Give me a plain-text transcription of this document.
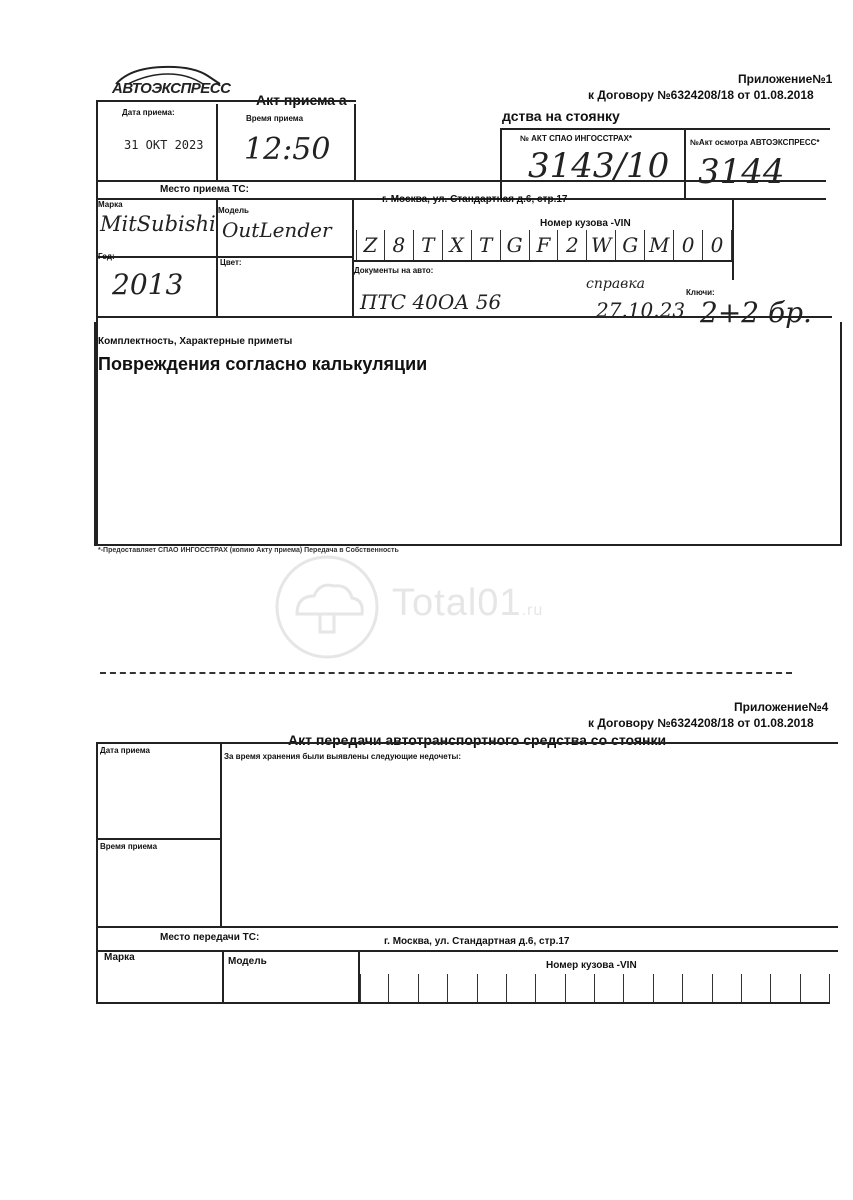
АВТОЭКСПРЕСС
Приложение№1
к Договору №6324208/18 от 01.08.2018
Акт приема а
дства на стоянку
Дата приема:
31 ОКТ 2023
Время приема
12:50	№ АКТ СПАО ИНГОССТРАХ*
3143/10
№Акт осмотра АВТОЭКСПРЕСС*
3144
Место приема ТС:
г. Москва, ул. Стандартная д.6, стр.17
Марка
MitSubishi
Модель
OutLender	Номер кузова -VIN
Z 8 T X T G F 2 W G M 0 0
Год:
2013
Цвет:
Документы на авто:
ПТС 40ОА 56
справка
27.10.23
Ключи:
2+2 бр.
Комплектность, Характерные приметы
Повреждения согласно калькуляции
*-Предоставляет СПАО ИНГОССТРАХ (копию Акту приема) Передача в Собственность
Total01.ru
Приложение№4
к Договору №6324208/18 от 01.08.2018
Акт передачи автотранспортного средства со стоянки
Дата приема
За время хранения были выявлены следующие недочеты:
Время приема
Место передачи ТС:	г. Москва, ул. Стандартная д.6, стр.17
Марка	Модель	Номер кузова -VIN
